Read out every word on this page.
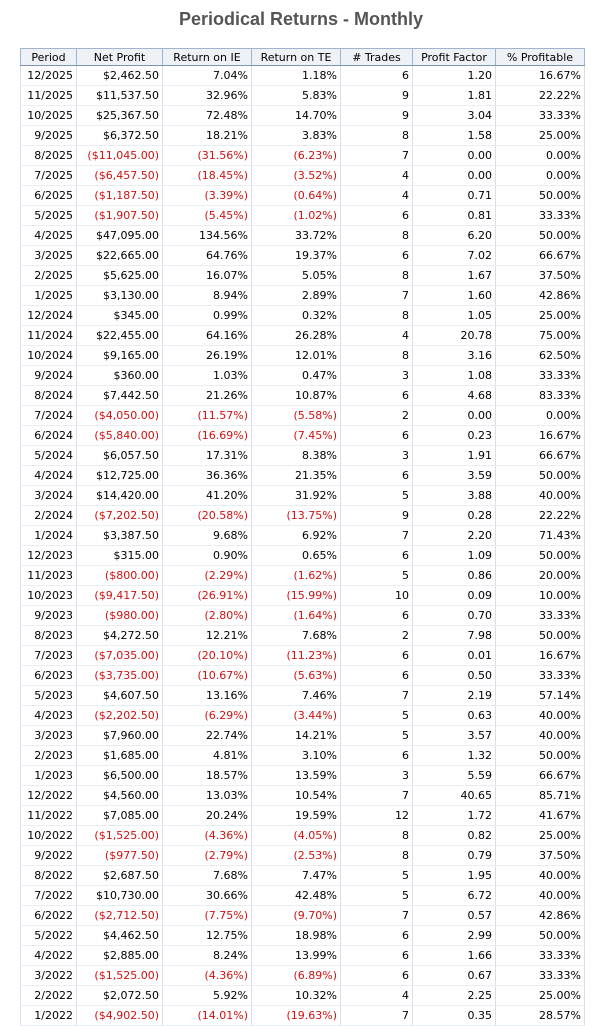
Periodical Returns - Monthly
Period	Net Profit	Return on IE	Return on TE	# Trades	Profit Factor	% Profitable
12/2025	$2,462.50	7.04%	1.18%	6	1.20	16.67%
11/2025	$11,537.50	32.96%	5.83%	9	1.81	22.22%
10/2025	$25,367.50	72.48%	14.70%	9	3.04	33.33%
9/2025	$6,372.50	18.21%	3.83%	8	1.58	25.00%
8/2025	($11,045.00)	(31.56%)	(6.23%)	7	0.00	0.00%
7/2025	($6,457.50)	(18.45%)	(3.52%)	4	0.00	0.00%
6/2025	($1,187.50)	(3.39%)	(0.64%)	4	0.71	50.00%
5/2025	($1,907.50)	(5.45%)	(1.02%)	6	0.81	33.33%
4/2025	$47,095.00	134.56%	33.72%	8	6.20	50.00%
3/2025	$22,665.00	64.76%	19.37%	6	7.02	66.67%
2/2025	$5,625.00	16.07%	5.05%	8	1.67	37.50%
1/2025	$3,130.00	8.94%	2.89%	7	1.60	42.86%
12/2024	$345.00	0.99%	0.32%	8	1.05	25.00%
11/2024	$22,455.00	64.16%	26.28%	4	20.78	75.00%
10/2024	$9,165.00	26.19%	12.01%	8	3.16	62.50%
9/2024	$360.00	1.03%	0.47%	3	1.08	33.33%
8/2024	$7,442.50	21.26%	10.87%	6	4.68	83.33%
7/2024	($4,050.00)	(11.57%)	(5.58%)	2	0.00	0.00%
6/2024	($5,840.00)	(16.69%)	(7.45%)	6	0.23	16.67%
5/2024	$6,057.50	17.31%	8.38%	3	1.91	66.67%
4/2024	$12,725.00	36.36%	21.35%	6	3.59	50.00%
3/2024	$14,420.00	41.20%	31.92%	5	3.88	40.00%
2/2024	($7,202.50)	(20.58%)	(13.75%)	9	0.28	22.22%
1/2024	$3,387.50	9.68%	6.92%	7	2.20	71.43%
12/2023	$315.00	0.90%	0.65%	6	1.09	50.00%
11/2023	($800.00)	(2.29%)	(1.62%)	5	0.86	20.00%
10/2023	($9,417.50)	(26.91%)	(15.99%)	10	0.09	10.00%
9/2023	($980.00)	(2.80%)	(1.64%)	6	0.70	33.33%
8/2023	$4,272.50	12.21%	7.68%	2	7.98	50.00%
7/2023	($7,035.00)	(20.10%)	(11.23%)	6	0.01	16.67%
6/2023	($3,735.00)	(10.67%)	(5.63%)	6	0.50	33.33%
5/2023	$4,607.50	13.16%	7.46%	7	2.19	57.14%
4/2023	($2,202.50)	(6.29%)	(3.44%)	5	0.63	40.00%
3/2023	$7,960.00	22.74%	14.21%	5	3.57	40.00%
2/2023	$1,685.00	4.81%	3.10%	6	1.32	50.00%
1/2023	$6,500.00	18.57%	13.59%	3	5.59	66.67%
12/2022	$4,560.00	13.03%	10.54%	7	40.65	85.71%
11/2022	$7,085.00	20.24%	19.59%	12	1.72	41.67%
10/2022	($1,525.00)	(4.36%)	(4.05%)	8	0.82	25.00%
9/2022	($977.50)	(2.79%)	(2.53%)	8	0.79	37.50%
8/2022	$2,687.50	7.68%	7.47%	5	1.95	40.00%
7/2022	$10,730.00	30.66%	42.48%	5	6.72	40.00%
6/2022	($2,712.50)	(7.75%)	(9.70%)	7	0.57	42.86%
5/2022	$4,462.50	12.75%	18.98%	6	2.99	50.00%
4/2022	$2,885.00	8.24%	13.99%	6	1.66	33.33%
3/2022	($1,525.00)	(4.36%)	(6.89%)	6	0.67	33.33%
2/2022	$2,072.50	5.92%	10.32%	4	2.25	25.00%
1/2022	($4,902.50)	(14.01%)	(19.63%)	7	0.35	28.57%
